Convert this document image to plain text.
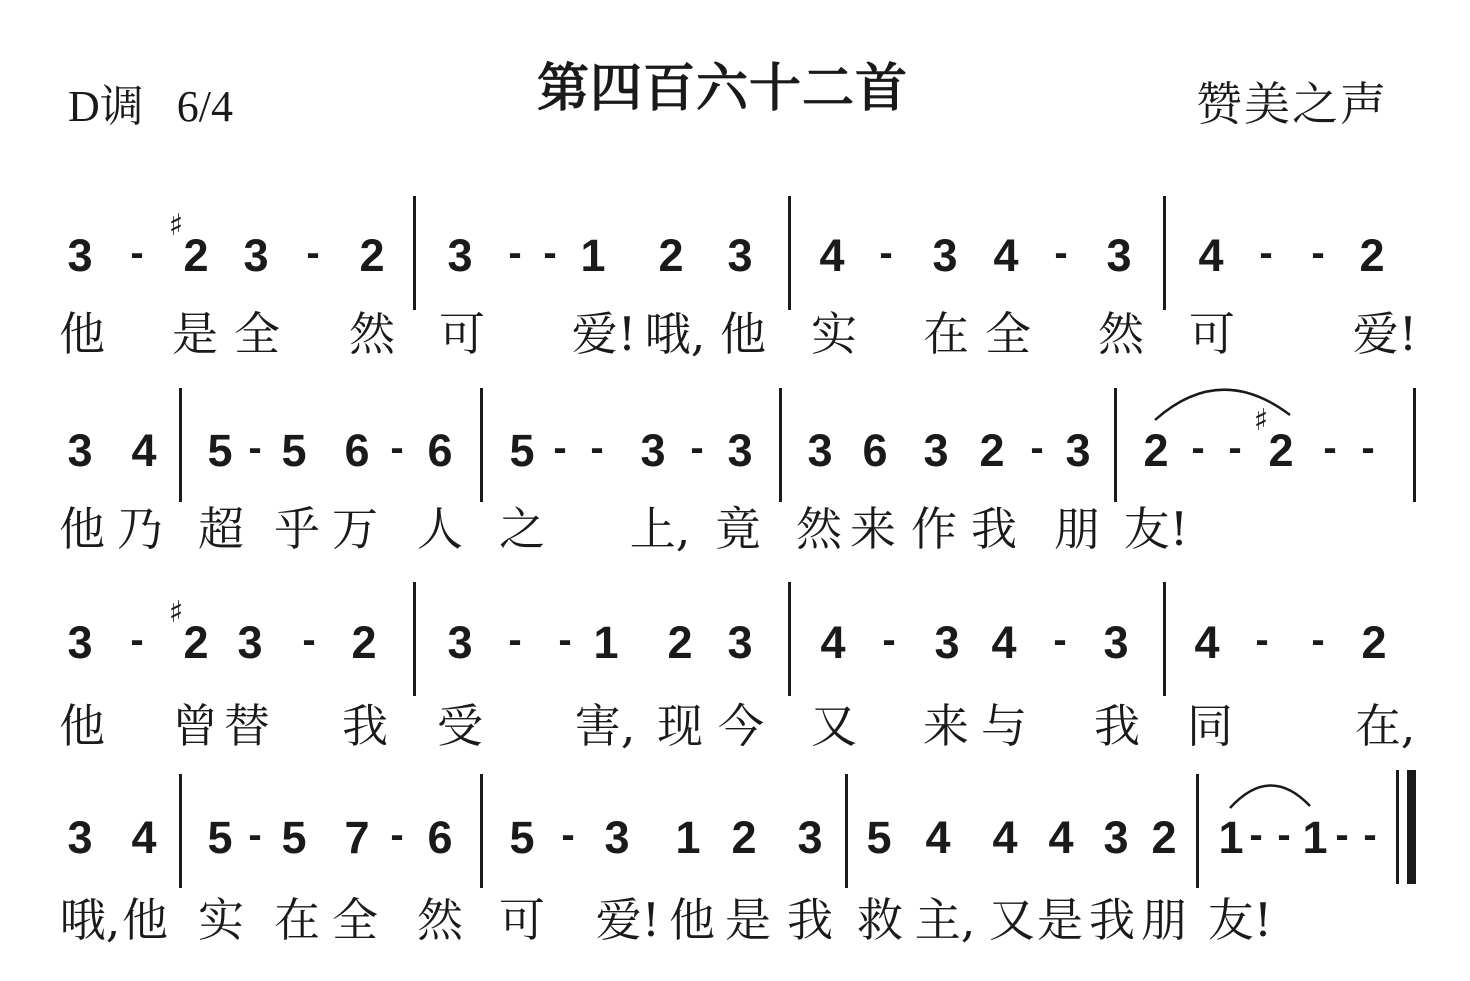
D调   6/4	第四百六十二首	赞美之声
3 - 2
♯
3 - 2 3 - - 1 2 3 4 - 3 4 - 3 4 - - 2
他 是 全 然 可 爱! 哦, 他 实 在 全 然 可	爱!
3 4 5 - 5 6 - 6 5 - - 3 - 3 3 6 3 2 - 3 2 - - 2
♯
- -
他 乃 超 乎 万 人 之 上, 竟 然 来 作 我 朋 友!
3 - 2
♯
3 - 2 3 - - 1 2 3 4 - 3 4 - 3 4 - - 2
他 曾 替 我 受 害, 现 今 又 来 与 我 同	在,
3 4 5 - 5 7 - 6 5 - 3 1 2 3 5 4 4 4 3 2 1 - - 1 - -
哦, 他 实 在 全 然 可 爱! 他 是 我 救 主, 又 是 我 朋 友!
